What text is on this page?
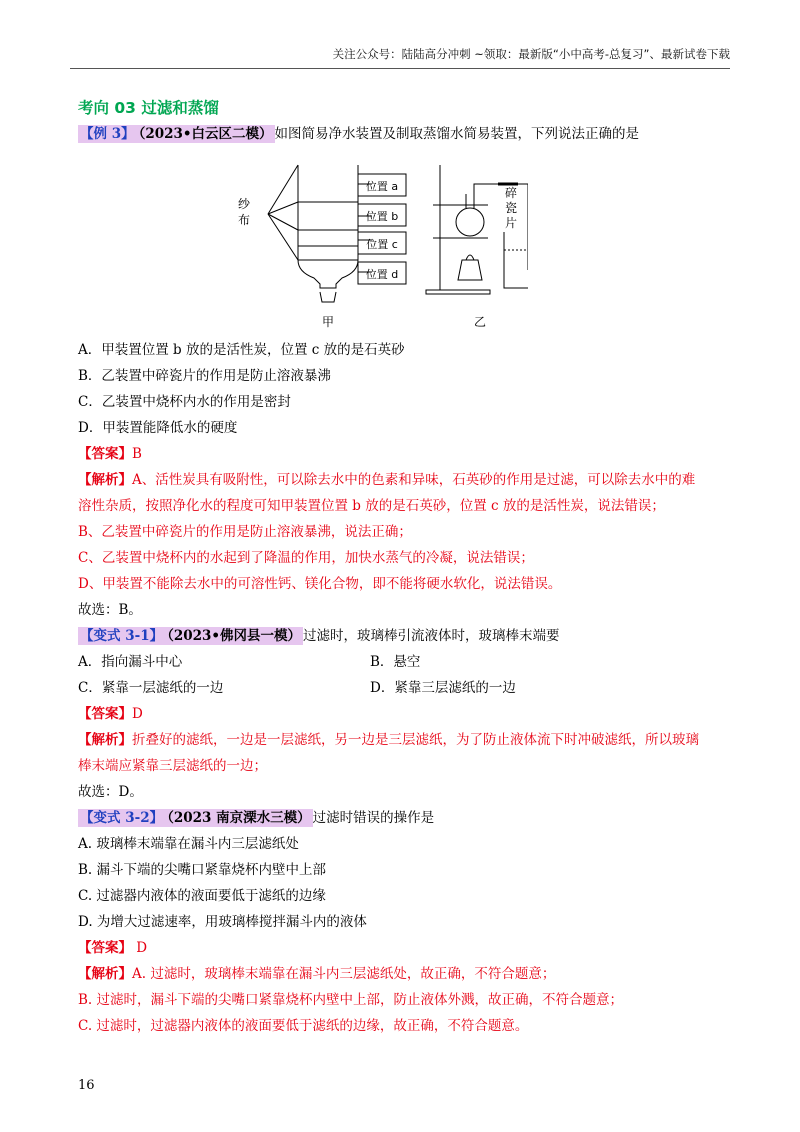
关注公众号：陆陆高分冲刺 ~领取：最新版“小中高考-总复习”、最新试卷下载
考向 03 过滤和蒸馏
【例 3】 （2023•白云区二模） 如图简易净水装置及制取蒸馏水简易装置，下列说法正确的是
位置 a
位置 b
位置 c
位置 d
甲	乙
纱布
碎瓷片
A．甲装置位置 b 放的是活性炭，位置 c 放的是石英砂
B．乙装置中碎瓷片的作用是防止溶液暴沸
C．乙装置中烧杯内水的作用是密封
D．甲装置能降低水的硬度
【答案】B
【解析】A、活性炭具有吸附性，可以除去水中的色素和异味，石英砂的作用是过滤，可以除去水中的难
溶性杂质，按照净化水的程度可知甲装置位置 b 放的是石英砂，位置 c 放的是活性炭，说法错误；
B、乙装置中碎瓷片的作用是防止溶液暴沸，说法正确；
C、乙装置中烧杯内的水起到了降温的作用，加快水蒸气的冷凝，说法错误；
D、甲装置不能除去水中的可溶性钙、镁化合物，即不能将硬水软化，说法错误。
故选：B。
【变式 3-1】 （2023•佛冈县一模） 过滤时，玻璃棒引流液体时，玻璃棒末端要
A．指向漏斗中心	B．悬空
C．紧靠一层滤纸的一边	D．紧靠三层滤纸的一边
【答案】D
【解析】折叠好的滤纸，一边是一层滤纸，另一边是三层滤纸，为了防止液体流下时冲破滤纸，所以玻璃
棒末端应紧靠三层滤纸的一边；
故选：D。
【变式 3-2】 （2023 南京溧水三模） 过滤时错误的操作是
A. 玻璃棒末端靠在漏斗内三层滤纸处
B. 漏斗下端的尖嘴口紧靠烧杯内壁中上部
C. 过滤器内液体的液面要低于滤纸的边缘
D. 为增大过滤速率，用玻璃棒搅拌漏斗内的液体
【答案】 D
【解析】A. 过滤时，玻璃棒末端靠在漏斗内三层滤纸处，故正确，不符合题意；
B. 过滤时，漏斗下端的尖嘴口紧靠烧杯内壁中上部，防止液体外溅，故正确，不符合题意；
C. 过滤时，过滤器内液体的液面要低于滤纸的边缘，故正确，不符合题意。
16
